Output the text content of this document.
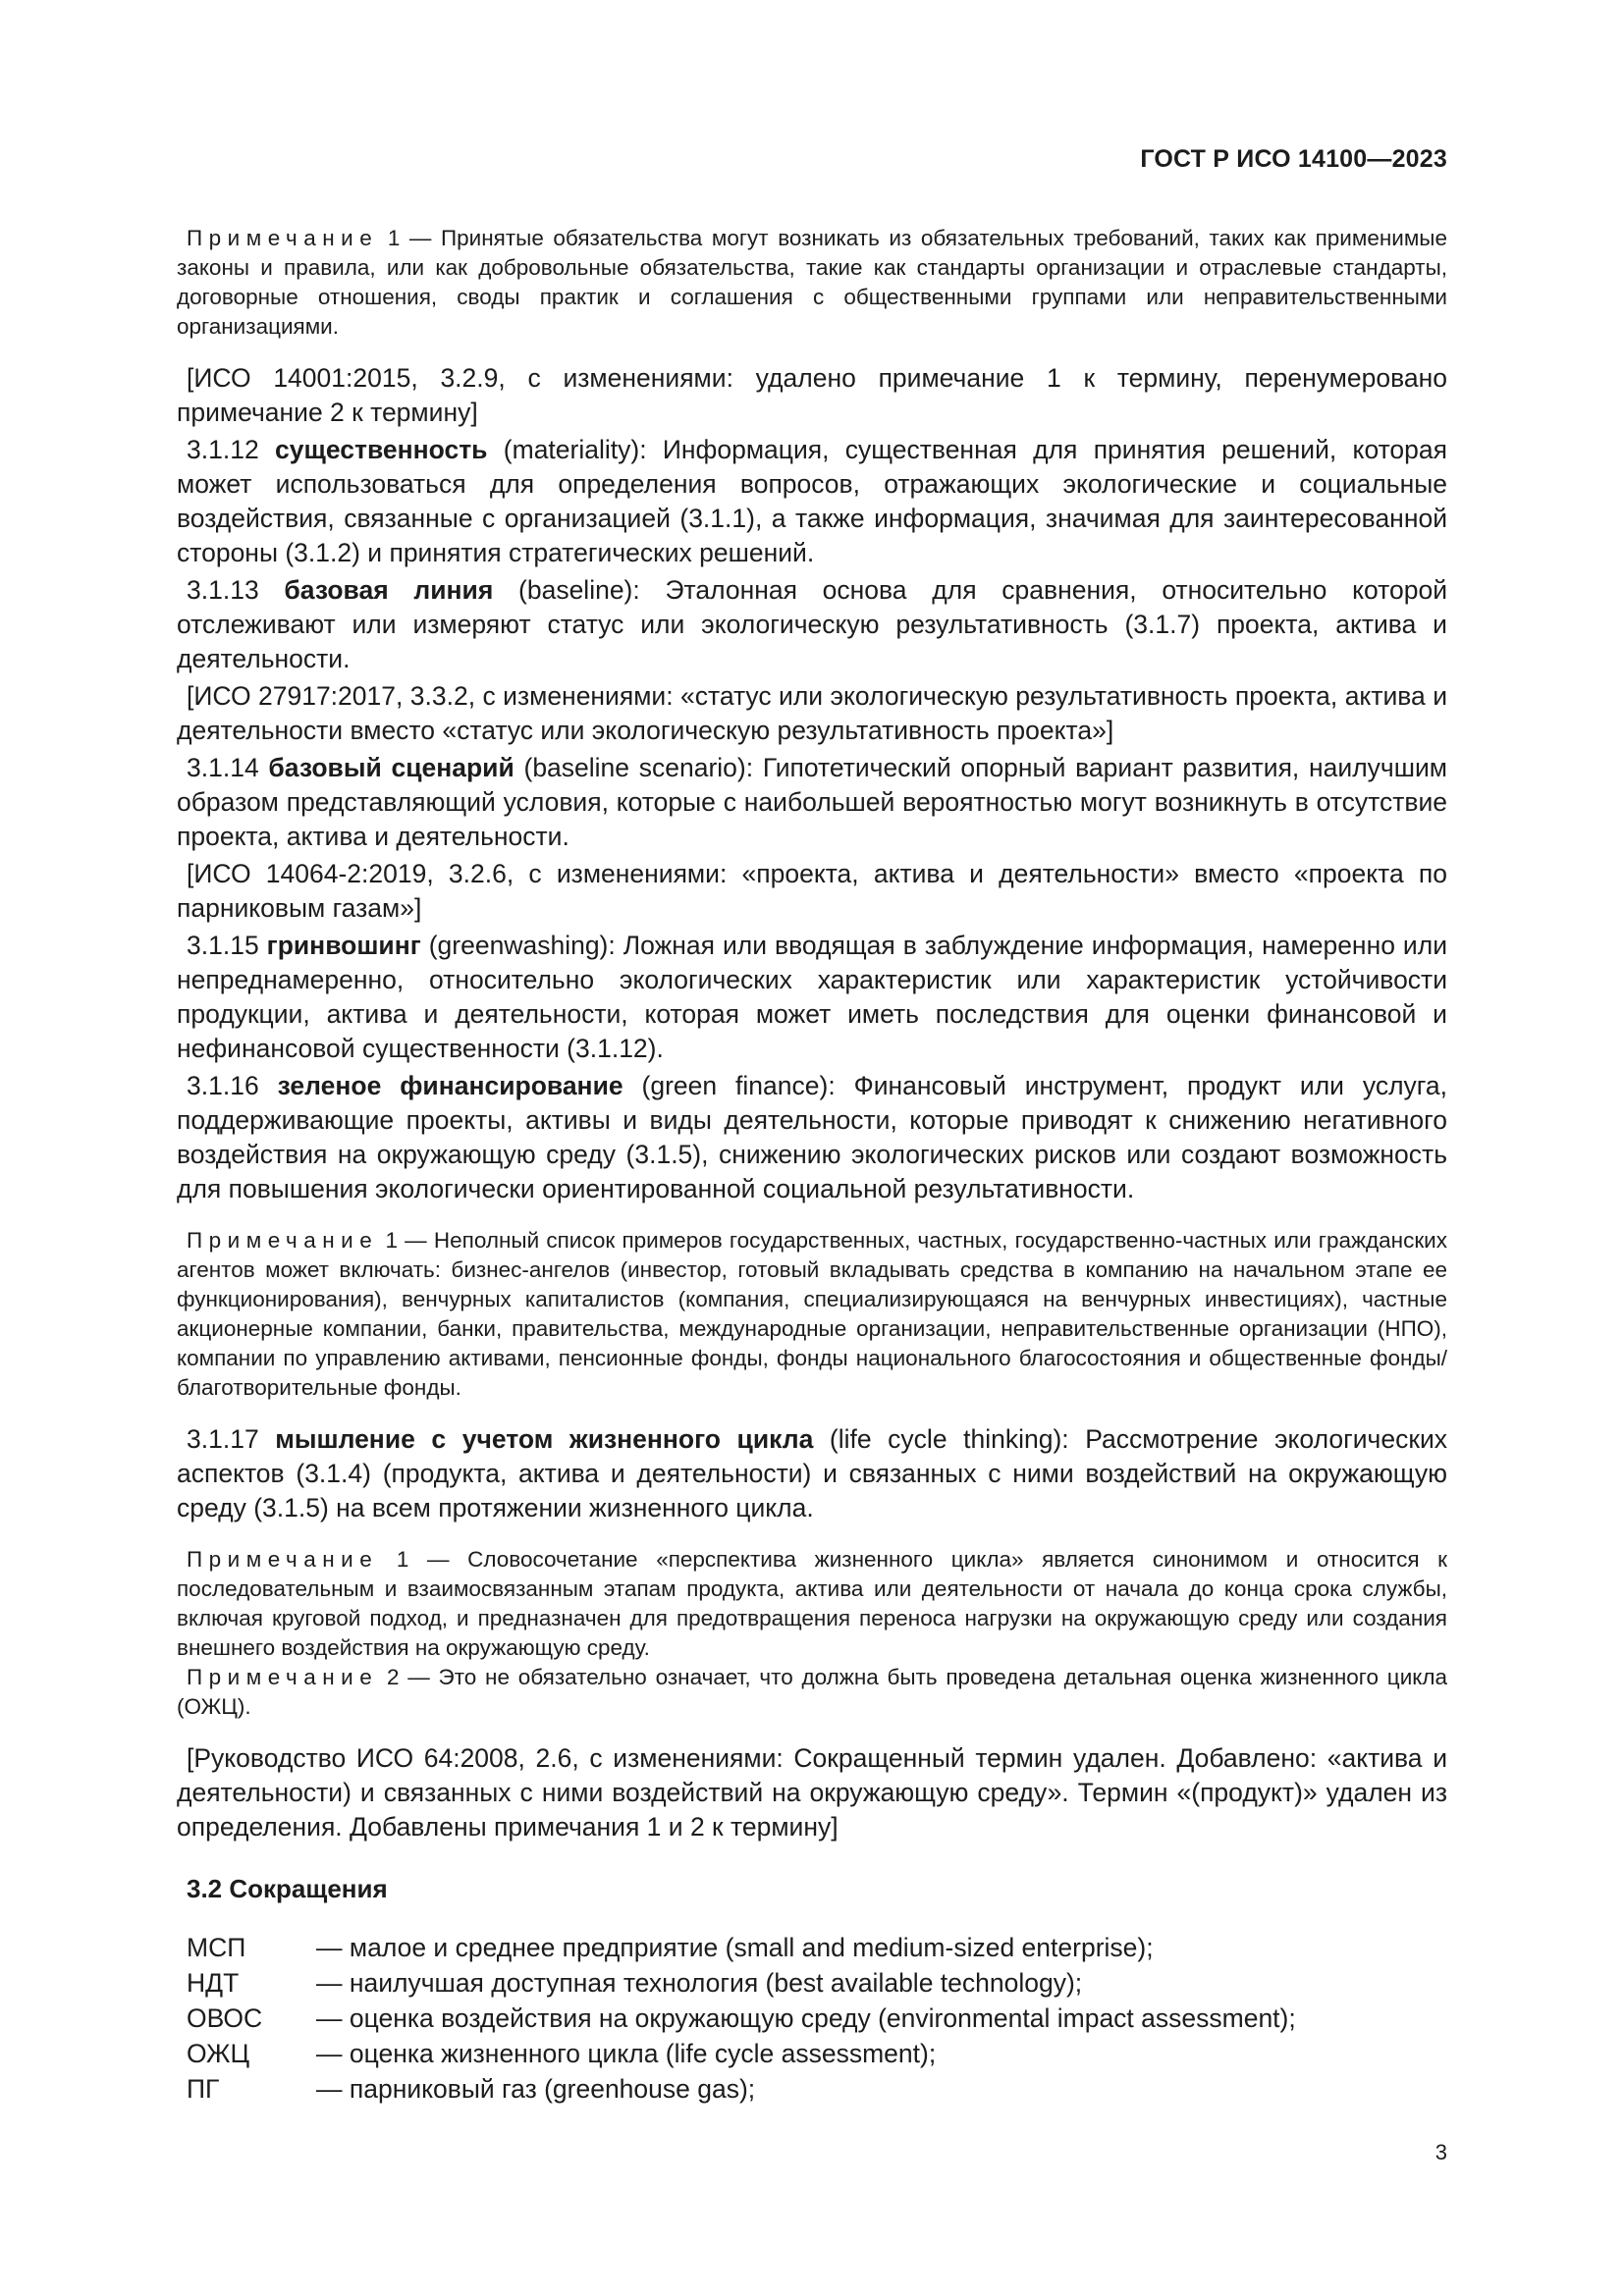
ГОСТ Р ИСО 14100—2023

Примечание 1 — Принятые обязательства могут возникать из обязательных требований, таких как применимые законы и правила, или как добровольные обязательства, такие как стандарты организации и отраслевые стандарты, договорные отношения, своды практик и соглашения с общественными группами или неправительственными организациями.

[ИСО 14001:2015, 3.2.9, с изменениями: удалено примечание 1 к термину, перенумеровано примечание 2 к термину]

3.1.12 существенность (materiality): Информация, существенная для принятия решений, которая может использоваться для определения вопросов, отражающих экологические и социальные воздействия, связанные с организацией (3.1.1), а также информация, значимая для заинтересованной стороны (3.1.2) и принятия стратегических решений.

3.1.13 базовая линия (baseline): Эталонная основа для сравнения, относительно которой отслеживают или измеряют статус или экологическую результативность (3.1.7) проекта, актива и деятельности.

[ИСО 27917:2017, 3.3.2, с изменениями: «статус или экологическую результативность проекта, актива и деятельности вместо «статус или экологическую результативность проекта»]

3.1.14 базовый сценарий (baseline scenario): Гипотетический опорный вариант развития, наилучшим образом представляющий условия, которые с наибольшей вероятностью могут возникнуть в отсутствие проекта, актива и деятельности.

[ИСО 14064-2:2019, 3.2.6, с изменениями: «проекта, актива и деятельности» вместо «проекта по парниковым газам»]

3.1.15 гринвошинг (greenwashing): Ложная или вводящая в заблуждение информация, намеренно или непреднамеренно, относительно экологических характеристик или характеристик устойчивости продукции, актива и деятельности, которая может иметь последствия для оценки финансовой и нефинансовой существенности (3.1.12).

3.1.16 зеленое финансирование (green finance): Финансовый инструмент, продукт или услуга, поддерживающие проекты, активы и виды деятельности, которые приводят к снижению негативного воздействия на окружающую среду (3.1.5), снижению экологических рисков или создают возможность для повышения экологически ориентированной социальной результативности.

Примечание 1 — Неполный список примеров государственных, частных, государственно-частных или гражданских агентов может включать: бизнес-ангелов (инвестор, готовый вкладывать средства в компанию на начальном этапе ее функционирования), венчурных капиталистов (компания, специализирующаяся на венчурных инвестициях), частные акционерные компании, банки, правительства, международные организации, неправительственные организации (НПО), компании по управлению активами, пенсионные фонды, фонды национального благосостояния и общественные фонды/благотворительные фонды.

3.1.17 мышление с учетом жизненного цикла (life cycle thinking): Рассмотрение экологических аспектов (3.1.4) (продукта, актива и деятельности) и связанных с ними воздействий на окружающую среду (3.1.5) на всем протяжении жизненного цикла.

Примечание 1 — Словосочетание «перспектива жизненного цикла» является синонимом и относится к последовательным и взаимосвязанным этапам продукта, актива или деятельности от начала до конца срока службы, включая круговой подход, и предназначен для предотвращения переноса нагрузки на окружающую среду или создания внешнего воздействия на окружающую среду.

Примечание 2 — Это не обязательно означает, что должна быть проведена детальная оценка жизненного цикла (ОЖЦ).

[Руководство ИСО 64:2008, 2.6, с изменениями: Сокращенный термин удален. Добавлено: «актива и деятельности) и связанных с ними воздействий на окружающую среду». Термин «(продукт)» удален из определения. Добавлены примечания 1 и 2 к термину]

3.2 Сокращения
МСП	— малое и среднее предприятие (small and medium-sized enterprise);
НДТ	— наилучшая доступная технология (best available technology);
ОВОС	— оценка воздействия на окружающую среду (environmental impact assessment);
ОЖЦ	— оценка жизненного цикла (life cycle assessment);
ПГ	— парниковый газ (greenhouse gas);
3
